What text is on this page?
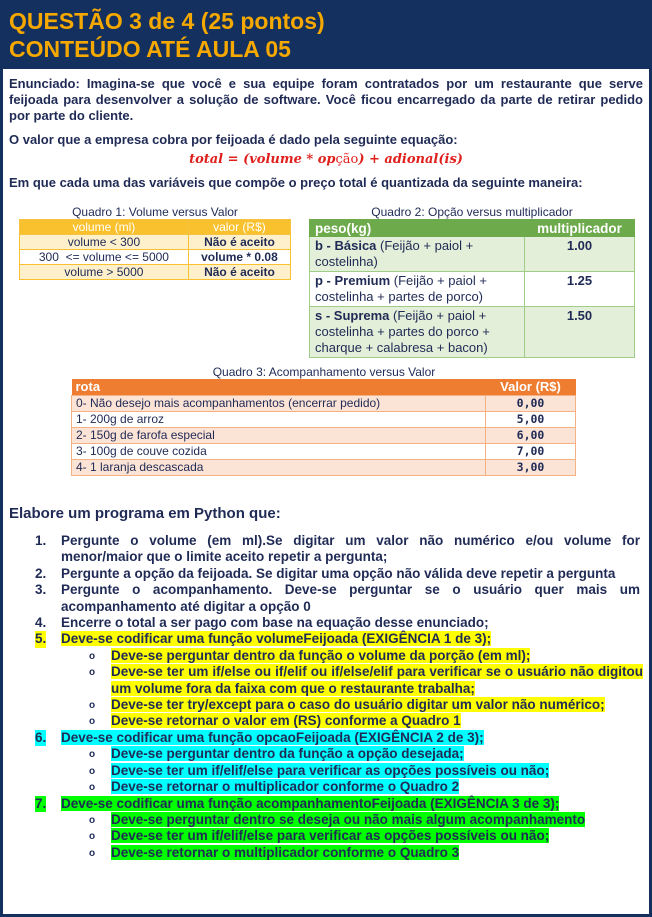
QUESTÃO 3 de 4 (25 pontos)
CONTEÚDO ATÉ AULA 05

Enunciado: Imagina-se que você e sua equipe foram contratados por um restaurante que serve feijoada para desenvolver a solução de software. Você ficou encarregado da parte de retirar pedido por parte do cliente.

O valor que a empresa cobra por feijoada é dado pela seguinte equação:

total = (volume * opção) + adional(is)

Em que cada uma das variáveis que compõe o preço total é quantizada da seguinte maneira:

Quadro 1: Volume versus Valor
volume (ml)	valor (R$)
volume < 300	Não é aceito
300  <= volume <= 5000	volume * 0.08
volume > 5000	Não é aceito
Quadro 2: Opção versus multiplicador
peso(kg)	multiplicador
b - Básica (Feijão + paiol + costelinha)	1.00
p - Premium (Feijão + paiol + costelinha + partes de porco)	1.25
s - Suprema (Feijão + paiol + costelinha + partes do porco + charque + calabresa + bacon)	1.50
Quadro 3: Acompanhamento versus Valor
rota	Valor (R$)
0- Não desejo mais acompanhamentos (encerrar pedido)	0,00
1- 200g de arroz	5,00
2- 150g de farofa especial	6,00
3- 100g de couve cozida	7,00
4- 1 laranja descascada	3,00
Elabore um programa em Python que:
1. Pergunte o volume (em ml).Se digitar um valor não numérico e/ou volume for menor/maior que o limite aceito repetir a pergunta;
2. Pergunte a opção da feijoada. Se digitar uma opção não válida deve repetir a pergunta
3. Pergunte o acompanhamento. Deve-se perguntar se o usuário quer mais um acompanhamento até digitar a opção 0
4. Encerre o total a ser pago com base na equação desse enunciado;
5. Deve-se codificar uma função volumeFeijoada (EXIGÊNCIA 1 de 3);
o Deve-se perguntar dentro da função o volume da porção (em ml);
o Deve-se ter um if/else ou if/elif ou if/else/elif para verificar se o usuário não digitou um volume fora da faixa com que o restaurante trabalha;
o Deve-se ter try/except para o caso do usuário digitar um valor não numérico;
o Deve-se retornar o valor em (RS) conforme a Quadro 1
6. Deve-se codificar uma função opcaoFeijoada (EXIGÊNCIA 2 de 3);
o Deve-se perguntar dentro da função a opção desejada;
o Deve-se ter um if/elif/else para verificar as opções possíveis ou não;
o Deve-se retornar o multiplicador conforme o Quadro 2
7. Deve-se codificar uma função acompanhamentoFeijoada (EXIGÊNCIA 3 de 3);
o Deve-se perguntar dentro se deseja ou não mais algum acompanhamento
o Deve-se ter um if/elif/else para verificar as opções possíveis ou não;
o Deve-se retornar o multiplicador conforme o Quadro 3
